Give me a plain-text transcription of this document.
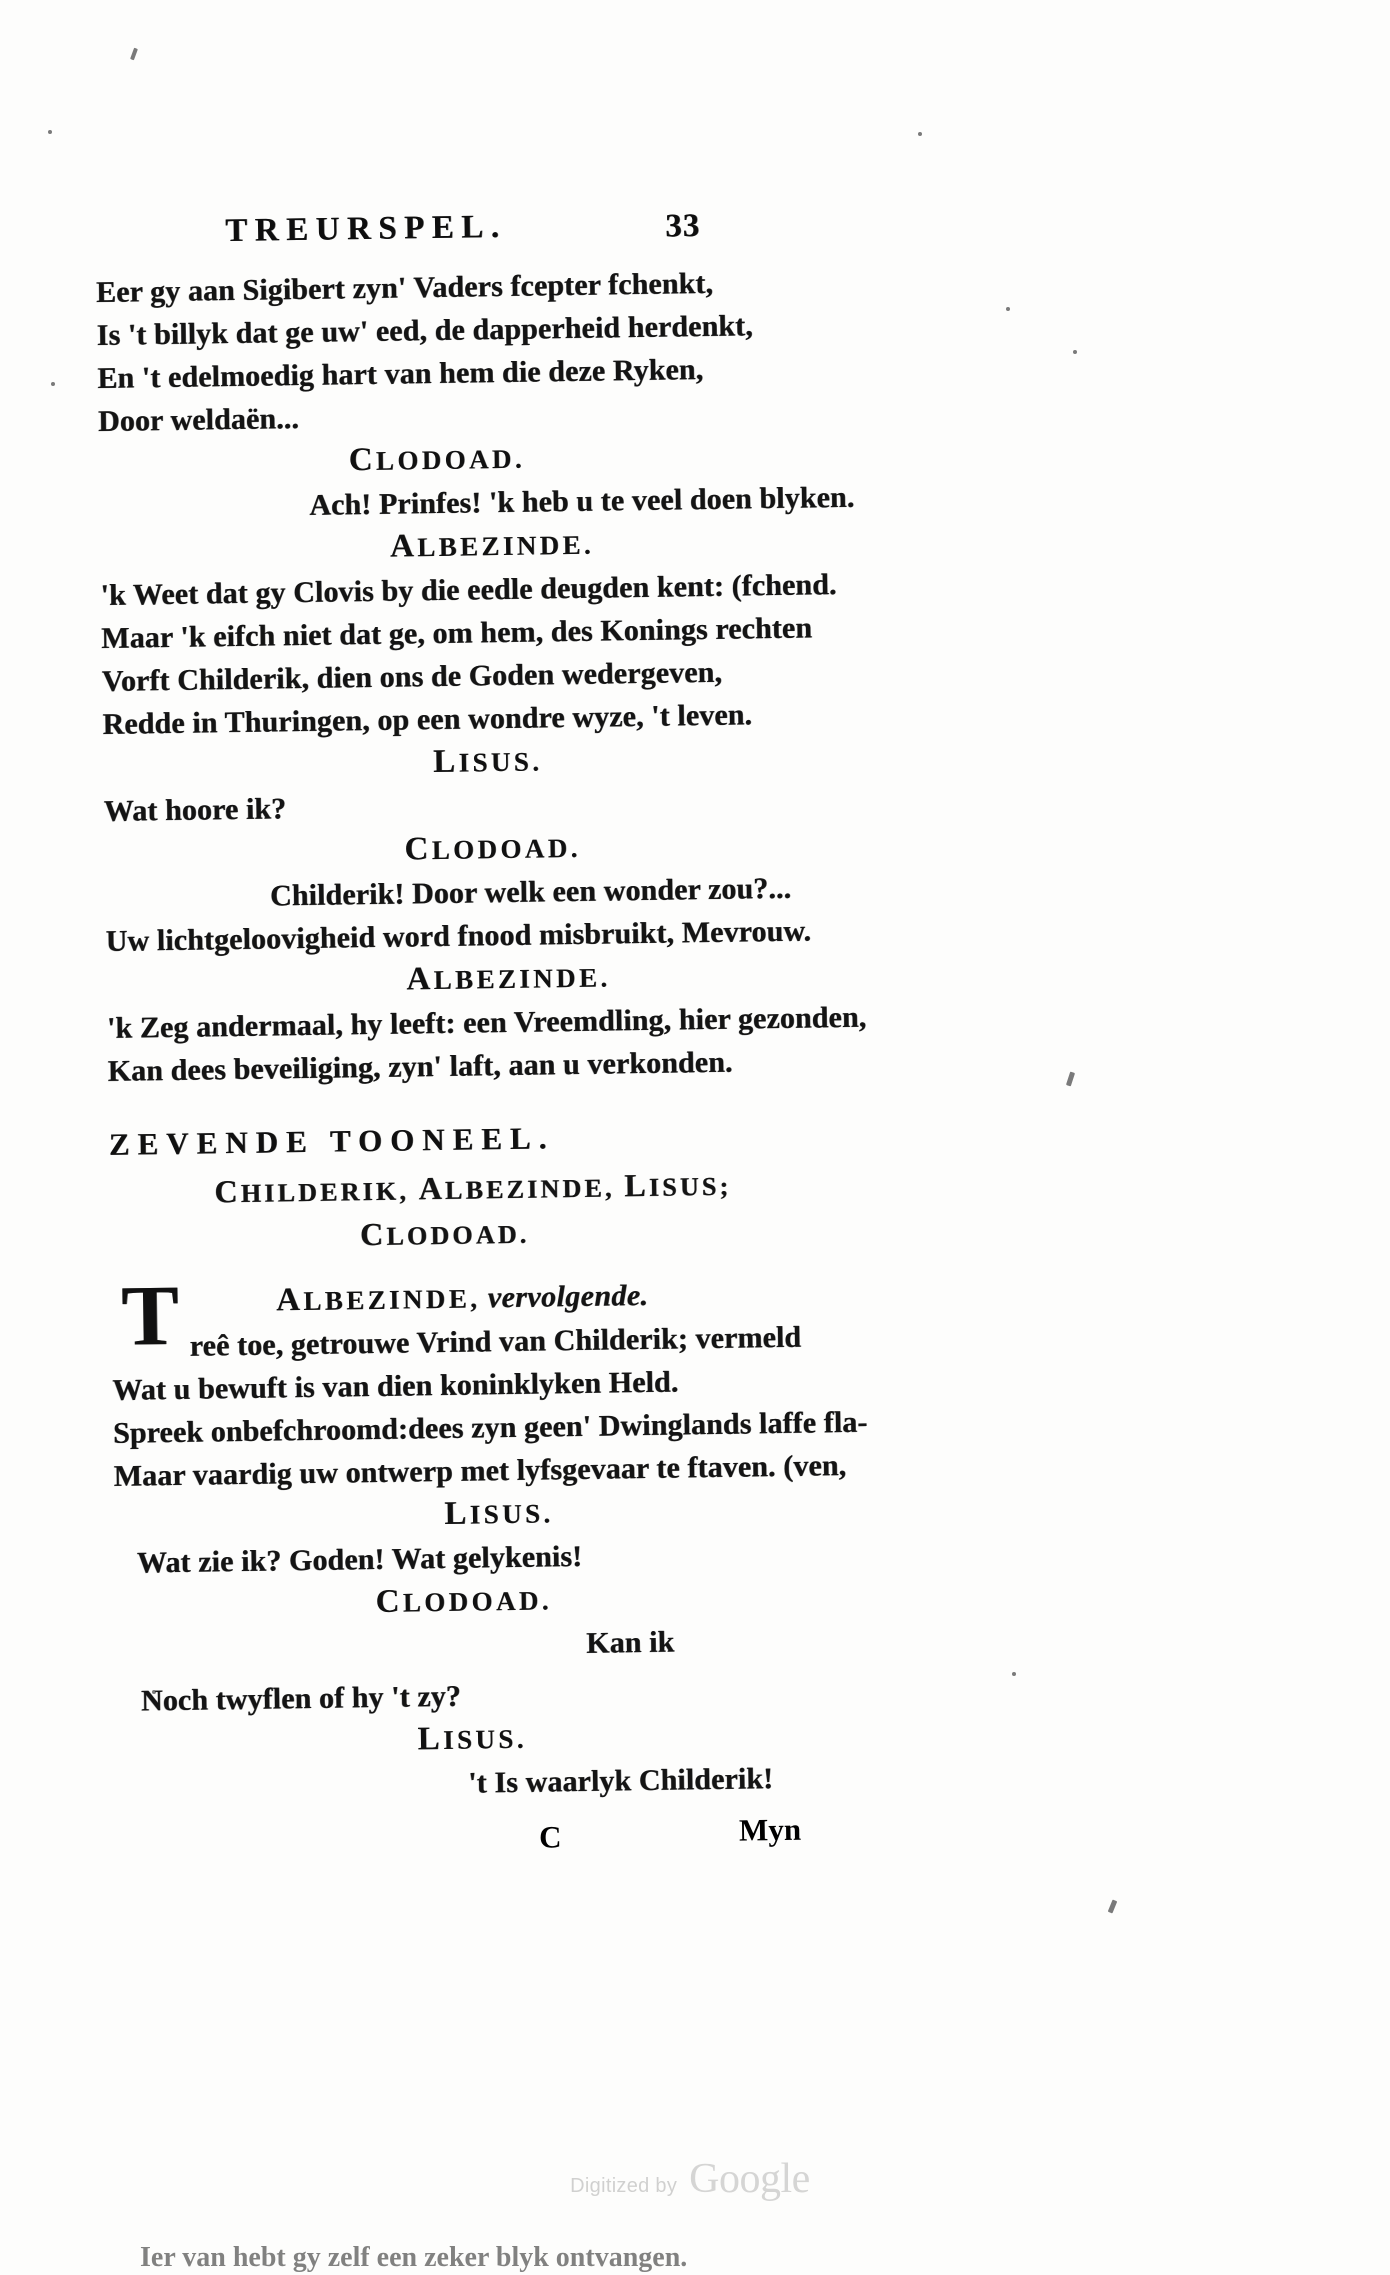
TREURSPEL.	33
Eer gy aan Sigibert zyn' Vaders fcepter fchenkt,
Is 't billyk dat ge uw' eed, de dapperheid herdenkt,
En 't edelmoedig hart van hem die deze Ryken,
Door weldaën...
CLODOAD.
Ach! Prinfes! 'k heb u te veel doen blyken.
ALBEZINDE.
'k Weet dat gy Clovis by die eedle deugden kent: (fchend.
Maar 'k eifch niet dat ge, om hem, des Konings rechten
Vorft Childerik, dien ons de Goden wedergeven,
Redde in Thuringen, op een wondre wyze, 't leven.
LISUS.
Wat hoore ik?
CLODOAD.
Childerik! Door welk een wonder zou?...
Uw lichtgeloovigheid word fnood misbruikt, Mevrouw.
ALBEZINDE.
'k Zeg andermaal, hy leeft: een Vreemdling, hier gezonden,
Kan dees beveiliging, zyn' laft, aan u verkonden.
ZEVENDE TOONEEL.
CHILDERIK, ALBEZINDE, LISUS;
CLODOAD.
T	ALBEZINDE, vervolgende.
reê toe, getrouwe Vrind van Childerik; vermeld
Wat u bewuft is van dien koninklyken Held.
Spreek onbefchroomd:dees zyn geen' Dwinglands laffe fla-
Maar vaardig uw ontwerp met lyfsgevaar te ftaven. (ven,
LISUS.
Wat zie ik? Goden! Wat gelykenis!
CLODOAD.
Kan ik
Noch twyflen of hy 't zy?
LISUS.
't Is waarlyk Childerik!
C	Myn
Digitized by Google
Ier van hebt gy zelf een zeker blyk ontvangen.
